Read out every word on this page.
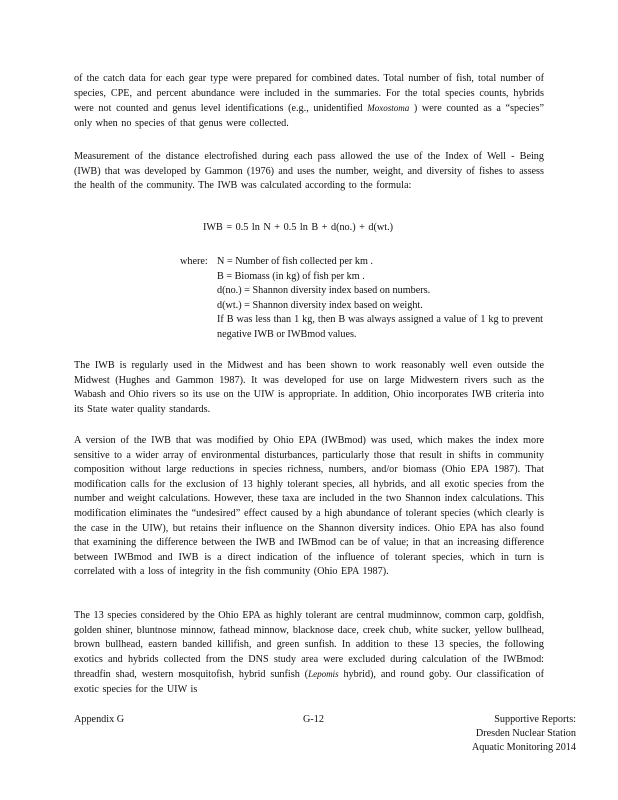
of the catch data for each gear type were prepared for combined dates. Total number of fish, total number of species, CPE, and percent abundance were included in the summaries. For the total species counts, hybrids were not counted and genus level identifications (e.g., unidentified Moxostoma ) were counted as a “species” only when no species of that genus were collected.

Measurement of the distance electrofished during each pass allowed the use of the Index of Well - Being (IWB) that was developed by Gammon (1976) and uses the number, weight, and diversity of fishes to assess the health of the community. The IWB was calculated according to the formula:

IWB = 0.5 ln N + 0.5 ln B + d(no.) + d(wt.)

where: N = Number of fish collected per km .
B = Biomass (in kg) of fish per km .
d(no.) = Shannon diversity index based on numbers.
d(wt.) = Shannon diversity index based on weight.
If B was less than 1 kg, then B was always assigned a value of 1 kg to prevent negative IWB or IWBmod values.

The IWB is regularly used in the Midwest and has been shown to work reasonably well even outside the Midwest (Hughes and Gammon 1987). It was developed for use on large Midwestern rivers such as the Wabash and Ohio rivers so its use on the UIW is appropriate. In addition, Ohio incorporates IWB criteria into its State water quality standards.

A version of the IWB that was modified by Ohio EPA (IWBmod) was used, which makes the index more sensitive to a wider array of environmental disturbances, particularly those that result in shifts in community composition without large reductions in species richness, numbers, and/or biomass (Ohio EPA 1987). That modification calls for the exclusion of 13 highly tolerant species, all hybrids, and all exotic species from the number and weight calculations. However, these taxa are included in the two Shannon index calculations. This modification eliminates the “undesired” effect caused by a high abundance of tolerant species (which clearly is the case in the UIW), but retains their influence on the Shannon diversity indices. Ohio EPA has also found that examining the difference between the IWB and IWBmod can be of value; in that an increasing difference between IWBmod and IWB is a direct indication of the influence of tolerant species, which in turn is correlated with a loss of integrity in the fish community (Ohio EPA 1987).

The 13 species considered by the Ohio EPA as highly tolerant are central mudminnow, common carp, goldfish, golden shiner, bluntnose minnow, fathead minnow, blacknose dace, creek chub, white sucker, yellow bullhead, brown bullhead, eastern banded killifish, and green sunfish. In addition to these 13 species, the following exotics and hybrids collected from the DNS study area were excluded during calculation of the IWBmod: threadfin shad, western mosquitofish, hybrid sunfish (Lepomis hybrid), and round goby. Our classification of exotic species for the UIW is

Appendix G	G-12	Supportive Reports:
Dresden Nuclear Station
Aquatic Monitoring 2014
